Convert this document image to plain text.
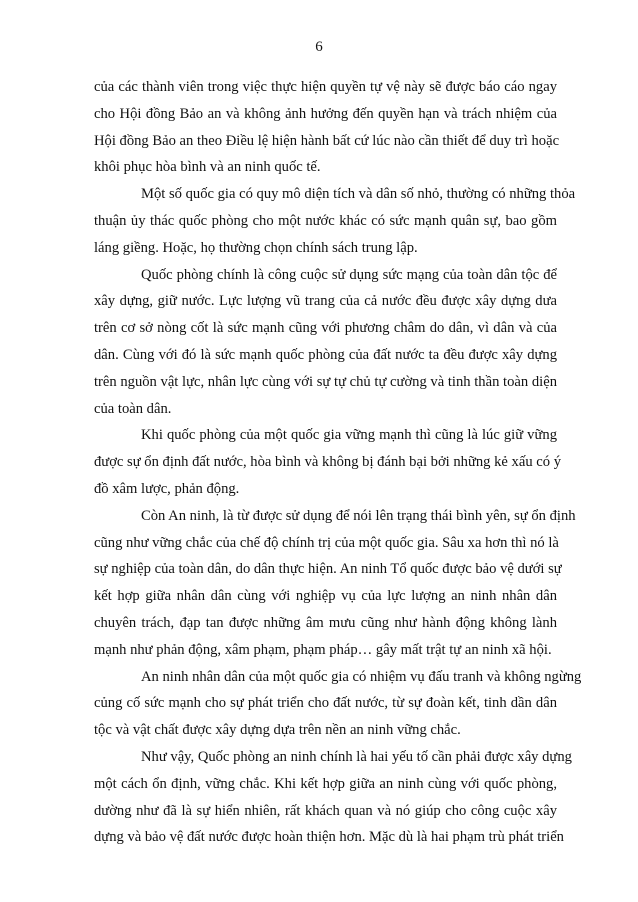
6
của các thành viên trong việc thực hiện quyền tự vệ này sẽ được báo cáo ngay
cho Hội đồng Bảo an và không ảnh hưởng đến quyền hạn và trách nhiệm của
Hội đồng Bảo an theo Điều lệ hiện hành bất cứ lúc nào cần thiết để duy trì hoặc
khôi phục hòa bình và an ninh quốc tế.
Một số quốc gia có quy mô diện tích và dân số nhỏ, thường có những thỏa
thuận ủy thác quốc phòng cho một nước khác có sức mạnh quân sự, bao gồm
láng giềng. Hoặc, họ thường chọn chính sách trung lập.
Quốc phòng chính là công cuộc sử dụng sức mạng của toàn dân tộc để
xây dựng, giữ nước. Lực lượng vũ trang của cả nước đều được xây dựng dưa
trên cơ sở nòng cốt là sức mạnh cũng với phương châm do dân, vì dân và của
dân. Cùng với đó là sức mạnh quốc phòng của đất nước ta đều được xây dựng
trên nguồn vật lực, nhân lực cùng với sự tự chủ tự cường và tinh thần toàn diện
của toàn dân.
Khi quốc phòng của một quốc gia vững mạnh thì cũng là lúc giữ vững
được sự ổn định đất nước, hòa bình và không bị đánh bại bởi những kẻ xấu có ý
đồ xâm lược, phản động.
Còn An ninh, là từ được sử dụng để nói lên trạng thái bình yên, sự ổn định
cũng như vững chắc của chế độ chính trị của một quốc gia. Sâu xa hơn thì nó là
sự nghiệp của toàn dân, do dân thực hiện. An ninh Tổ quốc được bảo vệ dưới sự
kết hợp giữa nhân dân cùng với nghiệp vụ của lực lượng an ninh nhân dân
chuyên trách, đạp tan được những âm mưu cũng như hành động không lành
mạnh như phản động, xâm phạm, phạm pháp… gây mất trật tự an ninh xã hội.
An ninh nhân dân của một quốc gia có nhiệm vụ đấu tranh và không ngừng
củng cố sức mạnh cho sự phát triển cho đất nước, từ sự đoàn kết, tinh dần dân
tộc và vật chất được xây dựng dựa trên nền an ninh vững chắc.
Như vậy, Quốc phòng an ninh chính là hai yếu tố cần phải được xây dựng
một cách ổn định, vững chắc. Khi kết hợp giữa an ninh cùng với quốc phòng,
dường như đã là sự hiển nhiên, rất khách quan và nó giúp cho công cuộc xây
dựng và bảo vệ đất nước được hoàn thiện hơn. Mặc dù là hai phạm trù phát triển
